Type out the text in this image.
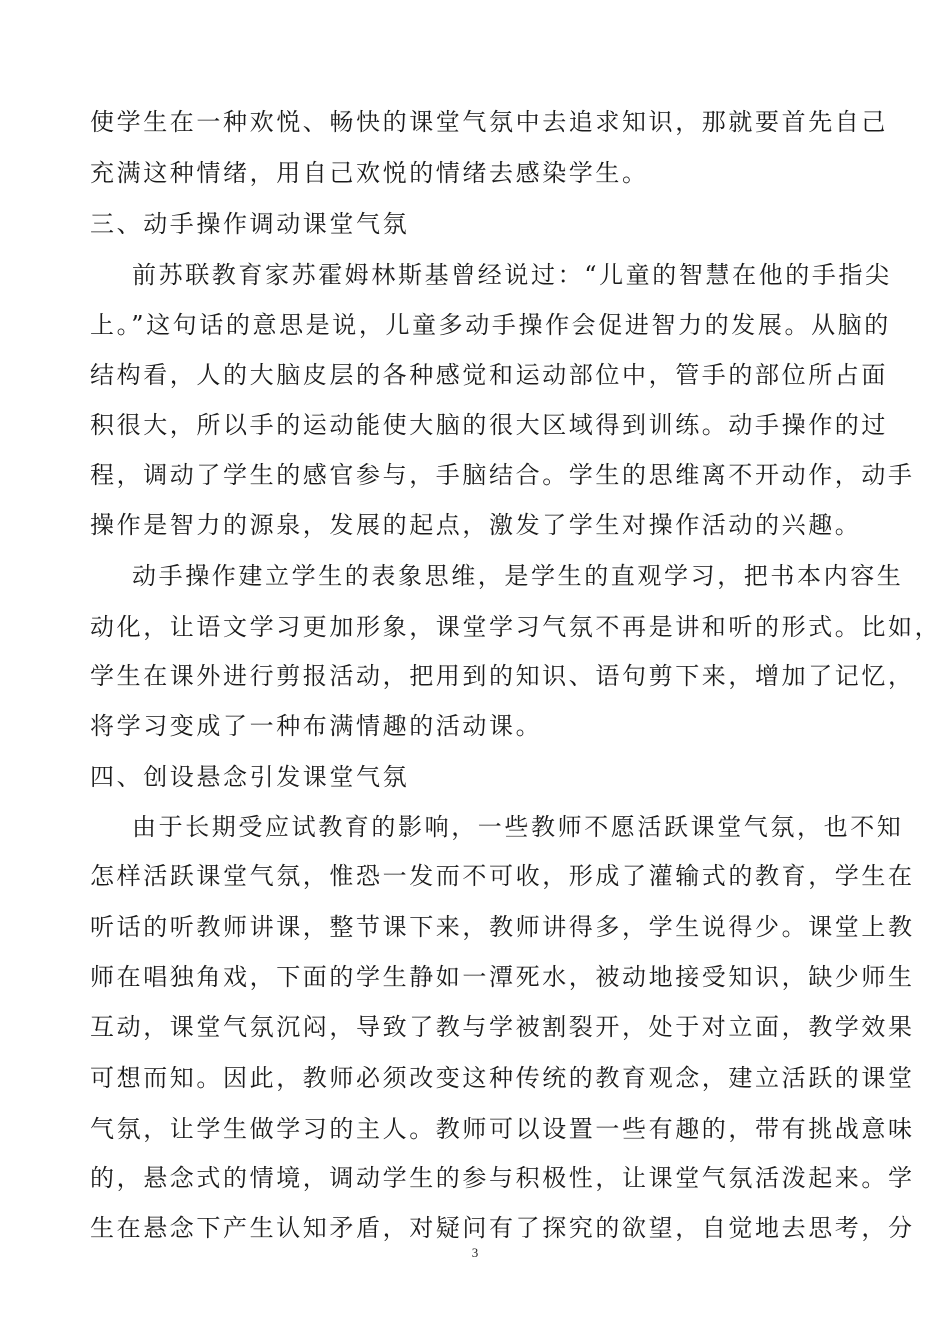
使学生在一种欢悦、畅快的课堂气氛中去追求知识，那就要首先自己
充满这种情绪，用自己欢悦的情绪去感染学生。
三、动手操作调动课堂气氛
前苏联教育家苏霍姆林斯基曾经说过：“儿童的智慧在他的手指尖
上。”这句话的意思是说，儿童多动手操作会促进智力的发展。从脑的
结构看，人的大脑皮层的各种感觉和运动部位中，管手的部位所占面
积很大，所以手的运动能使大脑的很大区域得到训练。动手操作的过
程，调动了学生的感官参与，手脑结合。学生的思维离不开动作，动手
操作是智力的源泉，发展的起点，激发了学生对操作活动的兴趣。
动手操作建立学生的表象思维，是学生的直观学习，把书本内容生
动化，让语文学习更加形象，课堂学习气氛不再是讲和听的形式。比如，
学生在课外进行剪报活动，把用到的知识、语句剪下来，增加了记忆，
将学习变成了一种布满情趣的活动课。
四、创设悬念引发课堂气氛
由于长期受应试教育的影响，一些教师不愿活跃课堂气氛，也不知
怎样活跃课堂气氛，惟恐一发而不可收，形成了灌输式的教育，学生在
听话的听教师讲课，整节课下来，教师讲得多，学生说得少。课堂上教
师在唱独角戏，下面的学生静如一潭死水，被动地接受知识，缺少师生
互动，课堂气氛沉闷，导致了教与学被割裂开，处于对立面，教学效果
可想而知。因此，教师必须改变这种传统的教育观念，建立活跃的课堂
气氛，让学生做学习的主人。教师可以设置一些有趣的，带有挑战意味
的，悬念式的情境，调动学生的参与积极性，让课堂气氛活泼起来。学
生在悬念下产生认知矛盾，对疑问有了探究的欲望，自觉地去思考，分
3
